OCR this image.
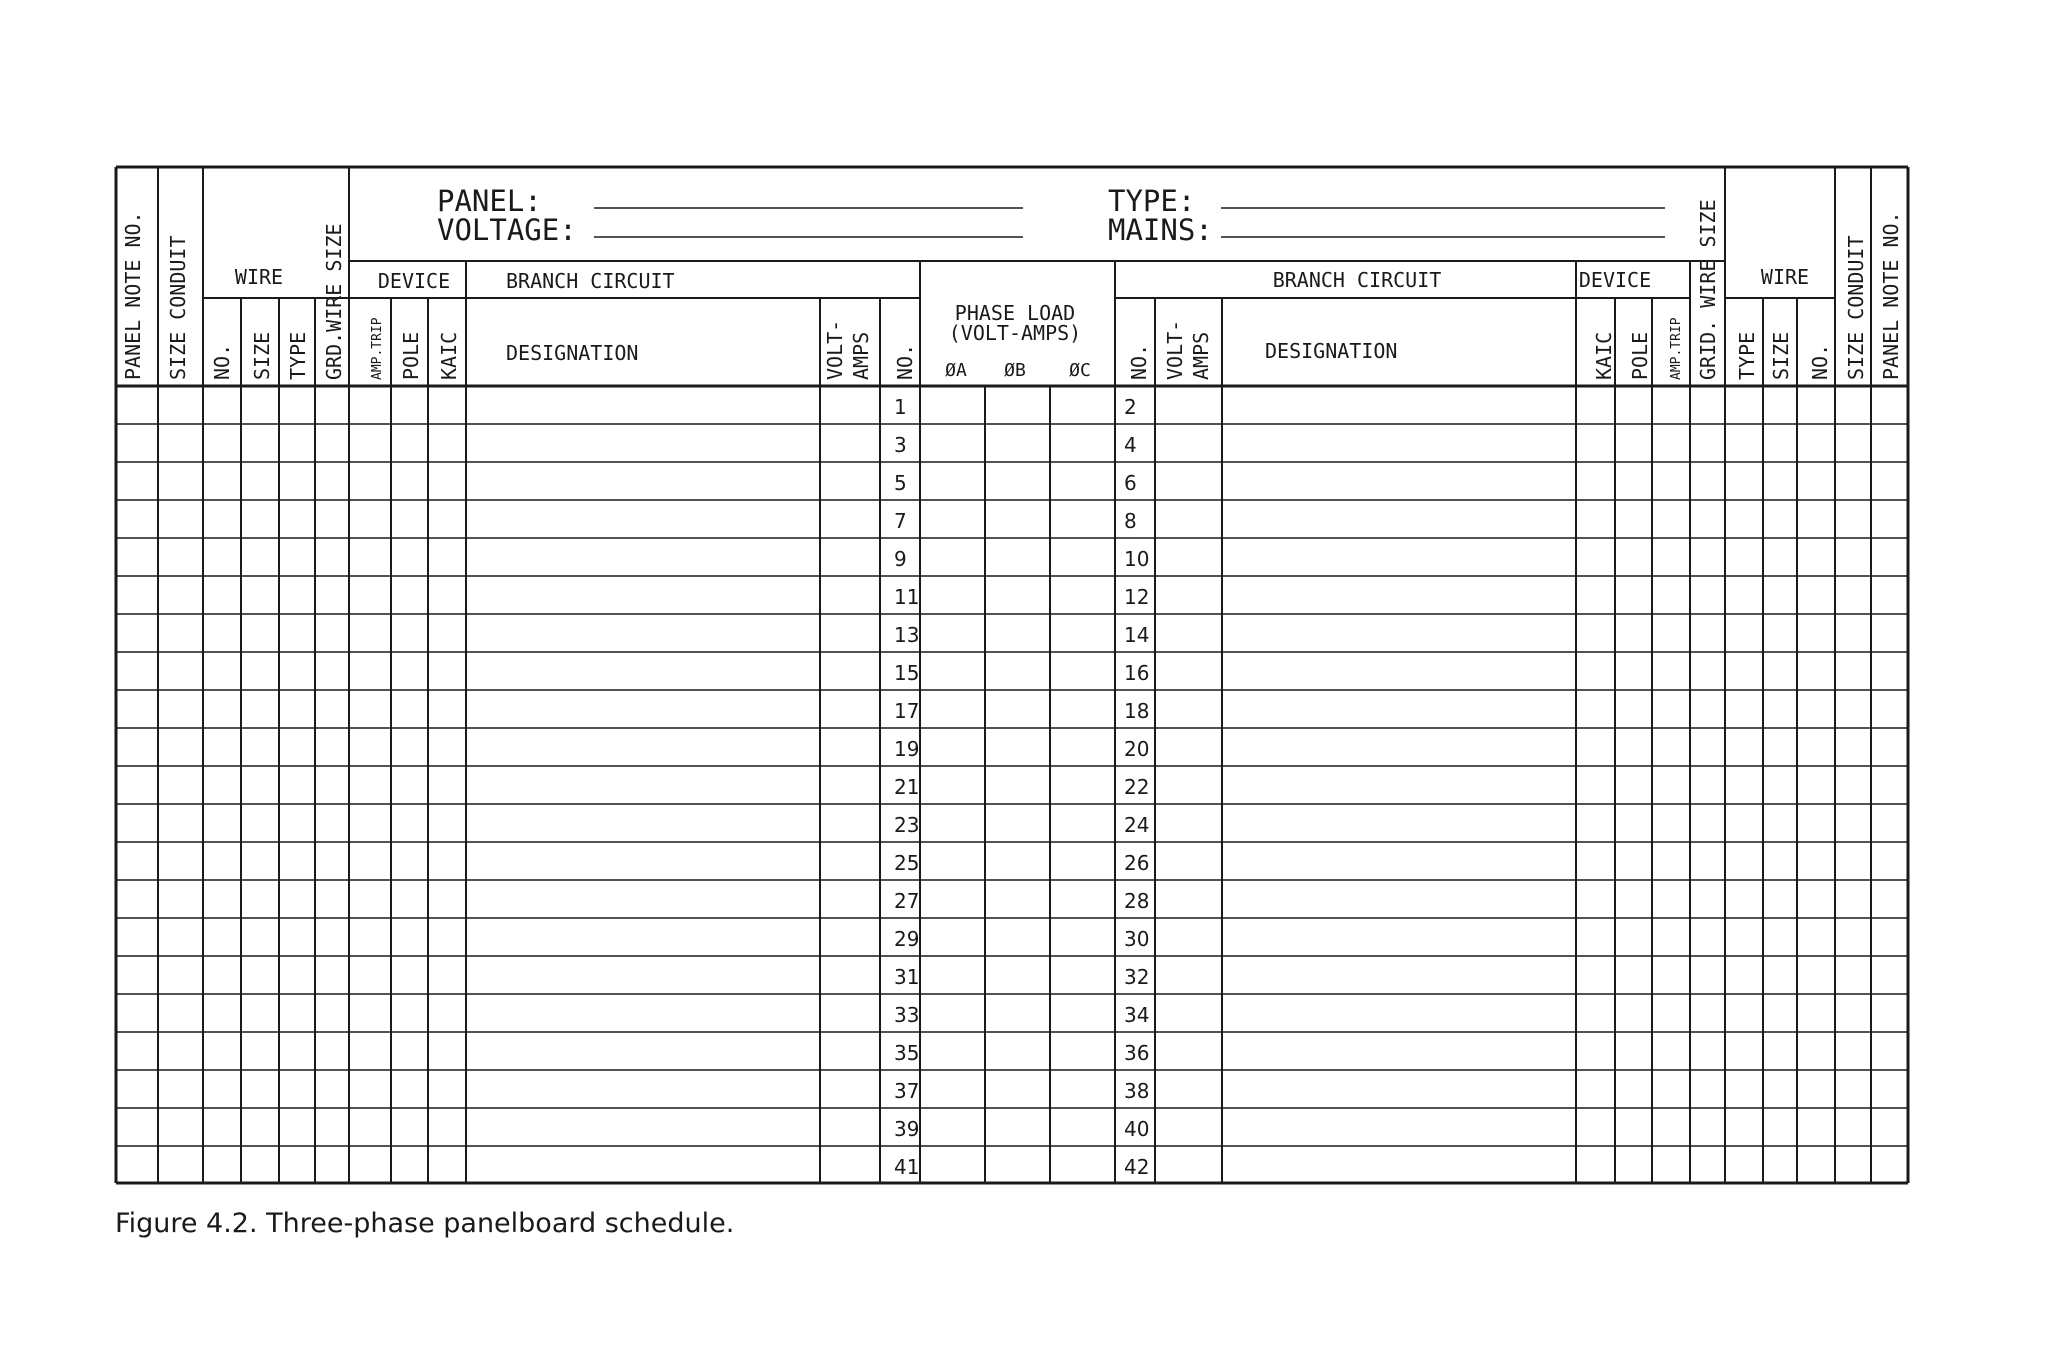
PANEL:
VOLTAGE:
TYPE:
MAINS:
PANEL NOTE NO. SIZE CONDUIT WIRE
NO. SIZE TYPE GRD.WIRE SIZE DEVICE
AMP.TRIP POLE KAIC
BRANCH CIRCUIT
DESIGNATION	VOLT- AMPS NO.
PHASE LOAD
(VOLT-AMPS)
ØA ØB ØC NO. VOLT- AMPS
BRANCH CIRCUIT
DESIGNATION
DEVICE
KAIC POLE AMP.TRIP GRID. WIRE SIZE WIRE
TYPE SIZE NO. SIZE CONDUIT PANEL NOTE NO.
1
3
5
7
9
11
13
15
17
19
21
23
25
27
29
31
33
35
37
39
41
2
4
6
8
10
12
14
16
18
20
22
24
26
28
30
32
34
36
38
40
42
Figure 4.2. Three-phase panelboard schedule.
